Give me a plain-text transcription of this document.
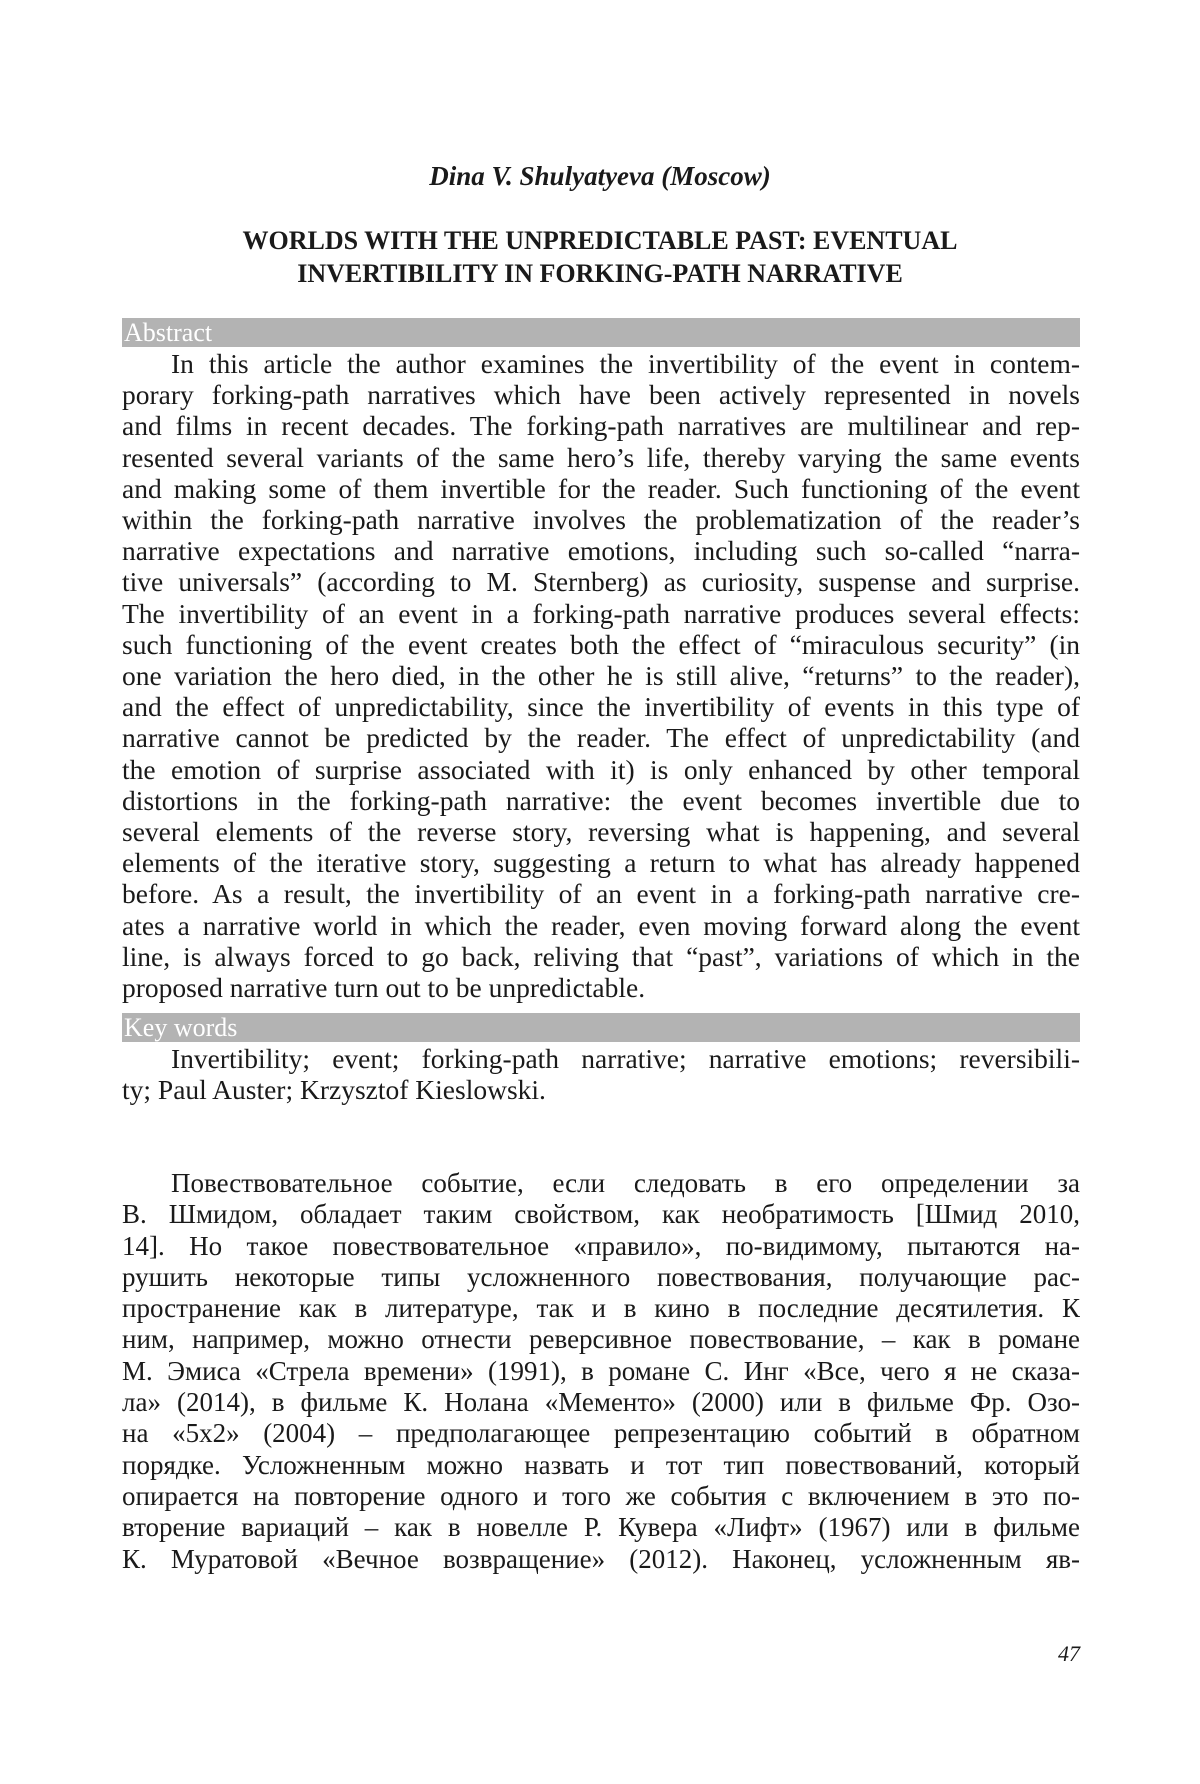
Dina V. Shulyatyeva (Moscow)
WORLDS WITH THE UNPREDICTABLE PAST: EVENTUAL
INVERTIBILITY IN FORKING-PATH NARRATIVE
Abstract
In this article the author examines the invertibility of the event in contem-
porary forking-path narratives which have been actively represented in novels
and films in recent decades. The forking-path narratives are multilinear and rep-
resented several variants of the same hero’s life, thereby varying the same events
and making some of them invertible for the reader. Such functioning of the event
within the forking-path narrative involves the problematization of the reader’s
narrative expectations and narrative emotions, including such so-called “narra-
tive universals” (according to M. Sternberg) as curiosity, suspense and surprise.
The invertibility of an event in a forking-path narrative produces several effects:
such functioning of the event creates both the effect of “miraculous security” (in
one variation the hero died, in the other he is still alive, “returns” to the reader),
and the effect of unpredictability, since the invertibility of events in this type of
narrative cannot be predicted by the reader. The effect of unpredictability (and
the emotion of surprise associated with it) is only enhanced by other temporal
distortions in the forking-path narrative: the event becomes invertible due to
several elements of the reverse story, reversing what is happening, and several
elements of the iterative story, suggesting a return to what has already happened
before. As a result, the invertibility of an event in a forking-path narrative cre-
ates a narrative world in which the reader, even moving forward along the event
line, is always forced to go back, reliving that “past”, variations of which in the
proposed narrative turn out to be unpredictable.
Key words
Invertibility; event; forking-path narrative; narrative emotions; reversibili-
ty; Paul Auster; Krzysztof Kieslowski.
Повествовательное событие, если следовать в его определении за
В. Шмидом, обладает таким свойством, как необратимость [Шмид 2010,
14]. Но такое повествовательное «правило», по-видимому, пытаются на-
рушить некоторые типы усложненного повествования, получающие рас-
пространение как в литературе, так и в кино в последние десятилетия. К
ним, например, можно отнести реверсивное повествование, – как в романе
М. Эмиса «Стрела времени» (1991), в романе С. Инг «Все, чего я не сказа-
ла» (2014), в фильме К. Нолана «Мементо» (2000) или в фильме Фр. Озо-
на «5х2» (2004) – предполагающее репрезентацию событий в обратном
порядке. Усложненным можно назвать и тот тип повествований, который
опирается на повторение одного и того же события с включением в это по-
вторение вариаций – как в новелле Р. Кувера «Лифт» (1967) или в фильме
К. Муратовой «Вечное возвращение» (2012). Наконец, усложненным яв-
47
